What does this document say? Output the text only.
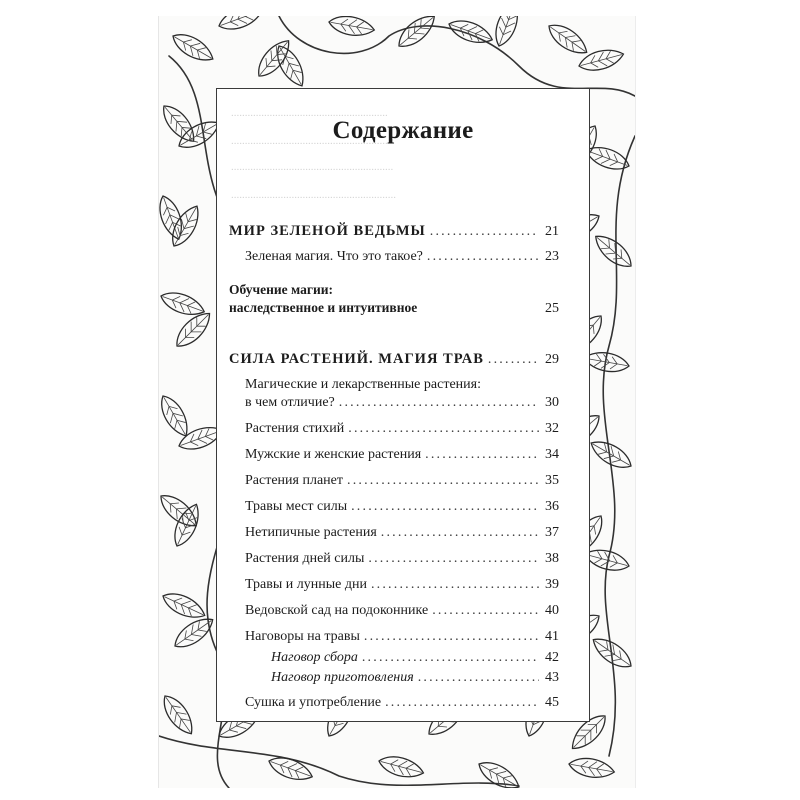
.........................................................
.........................................................
...........................................................
............................................................
Содержание
МИР ЗЕЛЕНОЙ ВЕДЬМЫ .....	21
Зеленая магия. Что это такое? .....	23
Обучение магии:
наследственное и интуитивное	25
СИЛА РАСТЕНИЙ. МАГИЯ ТРАВ .....	29
Магические и лекарственные растения:
в чем отличие? .....	30
Растения стихий .....	32
Мужские и женские растения .....	34
Растения планет .....	35
Травы мест силы .....	36
Нетипичные растения .....	37
Растения дней силы .....	38
Травы и лунные дни .....	39
Ведовской сад на подоконнике .....	40
Наговоры на травы .....	41
Наговор сбора .....	42
Наговор приготовления .....	43
Сушка и употребление .....	45
